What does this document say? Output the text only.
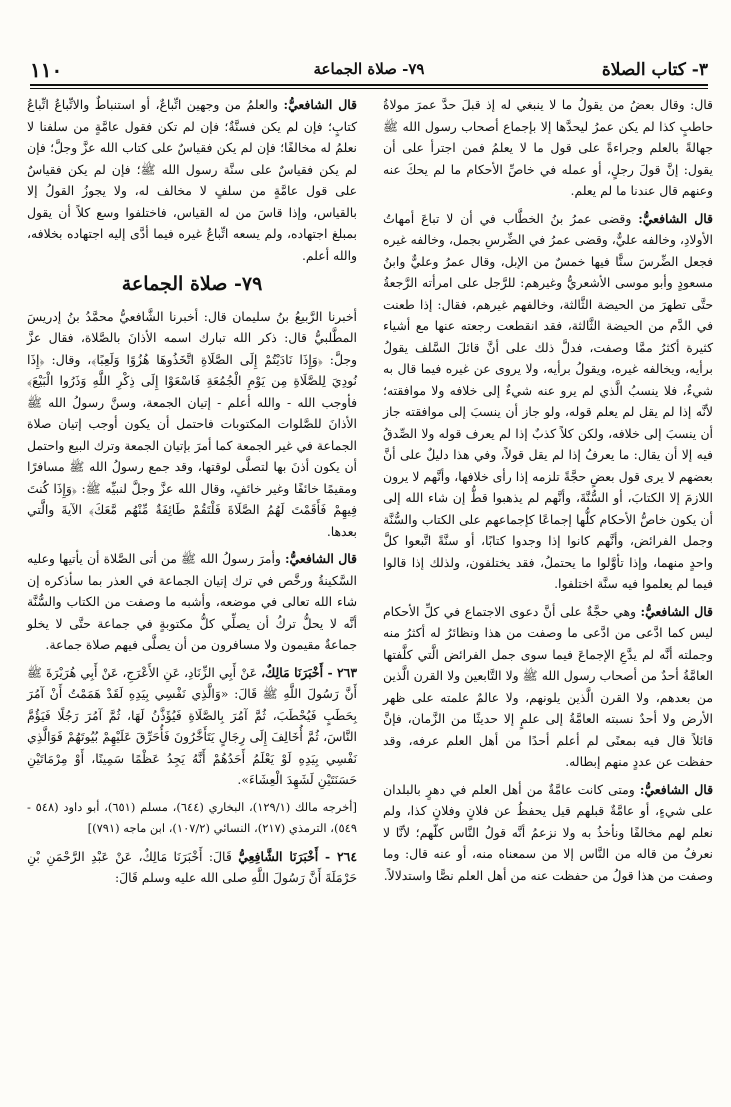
٣- كتاب الصلاة
٧٩- صلاة الجماعة
١١٠

قال: وقال بعضُ من يقولُ ما لا ينبغي له إذ قبلَ حدَّ عمرَ مولاةُ حاطبٍ كذا لم يكن عمرُ ليحدَّها إلا بإجماع أصحاب رسول الله ﷺ جهالةً بالعلم وجراءةً على قول ما لا يعلمُ فمن اجترأ على أن يقول: إنَّ قولَ رجلٍ، أو عمله في خاصِّ الأحكام ما لم يحكَ عنه وعنهم قال عندنا ما لم يعلم.

قال الشافعيُّ: وقضى عمرُ بنُ الخطَّاب في أن لا تباعَ أمهاتُ الأولادِ، وخالفه عليٌّ، وقضى عمرُ في الضِّرسِ بجمل، وخالفه غيره فجعل الضِّرسَ سنًّا فيها خمسٌ من الإبل، وقال عمرُ وعليٌّ وابنُ مسعودٍ وأبو موسى الأشعريُّ وغيرهم: للرَّجل على امرأته الرَّجعةُ حتَّى تطهرَ من الحيضة الثَّالثة، وخالفهم غيرهم، فقال: إذا طعنت في الدَّم من الحيضة الثَّالثة، فقد انقطعت رجعته عنها مع أشياء كثيرة أكثرُ ممَّا وصفت، فدلَّ ذلك على أنَّ قائلَ السَّلف يقولُ برأيه، ويخالفه غيره، ويقولُ برأيه، ولا يروى عن غيره فيما قال به شيءٌ، فلا ينسبُ الَّذي لم يرو عنه شيءٌ إلى خلافه ولا موافقته؛ لأنَّه إذا لم يقل لم يعلم قوله، ولو جاز أن ينسبَ إلى موافقته جاز أن ينسبَ إلى خلافه، ولكن كلاً كذبٌ إذا لم يعرف قوله ولا الصِّدقُ فيه إلا أن يقال: ما يعرفُ إذا لم يقل قولاً، وفي هذا دليلٌ على أنَّ بعضهم لا يرى قول بعضٍ حجَّةً تلزمه إذا رأى خلافها، وأنَّهم لا يرون اللازمَ إلا الكتابَ، أو السُّنَّةَ، وأنَّهم لم يذهبوا قطُّ إن شاء الله إلى أن يكون خاصُّ الأحكام كلُّها إجماعًا كإجماعهم على الكتاب والسُّنَّة وجمل الفرائض، وأنَّهم كانوا إذا وجدوا كتابًا، أو سنَّةً اتَّبعوا كلَّ واحدٍ منهما، وإذا تأوَّلوا ما يحتملُ، فقد يختلفون، ولذلك إذا قالوا فيما لم يعلموا فيه سنَّة اختلفوا.

قال الشافعيُّ: وهي حجَّةٌ على أنَّ دعوى الاجتماع في كلِّ الأحكام ليس كما ادَّعى من ادَّعى ما وصفت من هذا ونظائرُ له أكثرُ منه وجملته أنَّه لم يدَّعِ الإجماعَ فيما سوى جمل الفرائض الَّتي كلَّفتها العامَّةُ أحدٌ من أصحاب رسول الله ﷺ ولا التَّابعين ولا القرن الَّذين من بعدهم، ولا القرن الَّذين يلونهم، ولا عالمٌ علمته على ظهر الأرض ولا أحدٌ نسبته العامَّةُ إلى علمٍ إلا حديثًا من الزَّمان، فإنَّ قائلاً قال فيه بمعنًى لم أعلم أحدًا من أهل العلم عرفه، وقد حفظت عن عددٍ منهم إبطاله.

قال الشافعيُّ: ومتى كانت عامَّةٌ من أهل العلم في دهرٍ بالبلدان على شيءٍ، أو عامَّةٌ قبلهم قيل يحفظُ عن فلانٍ وفلانٍ كذا، ولم نعلم لهم مخالفًا ونأخذُ به ولا نزعمُ أنَّه قولُ النَّاس كلّهم؛ لأنَّا لا نعرفُ من قاله من النَّاس إلا من سمعناه منه، أو عنه قال: وما وصفت من هذا قولُ من حفظت عنه من أهل العلم نصًّا واستدلالاً.

قال الشافعيُّ: والعلمُ من وجهين اتِّباعٌ، أو استنباطٌ والاتِّباعُ اتِّباعُ كتابٍ؛ فإن لم يكن فسنَّةٌ؛ فإن لم تكن فقول عامَّةٍ من سلفنا لا نعلمُ له مخالفًا؛ فإن لم يكن فقياسٌ على كتاب الله عزَّ وجلَّ؛ فإن لم يكن فقياسٌ على سنَّة رسول الله ﷺ؛ فإن لم يكن فقياسٌ على قول عامَّةٍ من سلفٍ لا مخالف له، ولا يجوزُ القولُ إلا بالقياس، وإذا قاسَ من له القياس، فاختلفوا وسع كلاً أن يقول بمبلغ اجتهاده، ولم يسعه اتِّباعُ غيره فيما أدَّى إليه اجتهاده بخلافه، والله أعلم.

٧٩- صلاة الجماعة

أخبرنا الرَّبيعُ بنُ سليمان قال: أخبرنا الشَّافعيُّ محمَّدُ بنُ إدريسَ المطَّلبيُّ قال: ذكر الله تبارك اسمه الأذانَ بالصَّلاة، فقال عزَّ وجلَّ: ﴿وَإِذَا نَادَيْتُمْ إِلَى الصَّلَاةِ اتَّخَذُوهَا هُزُوًا وَلَعِبًا﴾، وقال: ﴿إِذَا نُودِيَ لِلصَّلَاةِ مِن يَوْمِ الْجُمُعَةِ فَاسْعَوْا إِلَى ذِكْرِ اللَّهِ وَذَرُوا الْبَيْعَ﴾ فأوجب الله - والله أعلم - إتيان الجمعة، وسنَّ رسولُ الله ﷺ الأذانَ للصَّلوات المكتوبات فاحتمل أن يكون أوجب إتيان صلاة الجماعة في غير الجمعة كما أمرَ بإتيان الجمعة وترك البيع واحتمل أن يكون أذنَ بها لتصلَّى لوقتها، وقد جمع رسولُ الله ﷺ مسافرًا ومقيمًا خائفًا وغير خائفٍ، وقال الله عزَّ وجلَّ لنبيِّه ﷺ: ﴿وَإِذَا كُنتَ فِيهِمْ فَأَقَمْتَ لَهُمُ الصَّلَاةَ فَلْتَقُمْ طَائِفَةٌ مِّنْهُم مَّعَكَ﴾ الآيةَ والَّتي بعدها.

قال الشافعيُّ: وأمرَ رسولُ الله ﷺ من أتى الصَّلاة أن يأتيها وعليه السَّكينةُ ورخَّص في ترك إتيان الجماعة في العذر بما سأذكره إن شاء الله تعالى في موضعه، وأشبه ما وصفت من الكتاب والسُّنَّة أنَّه لا يحلُّ تركُ أن يصلِّي كلُّ مكتوبةٍ في جماعة حتَّى لا يخلو جماعةٌ مقيمون ولا مسافرون من أن يصلَّى فيهم صلاة جماعة.

٢٦٣ - أَخْبَرَنَا مَالِكٌ، عَنْ أَبِي الزِّنَادِ، عَنِ الأَعْرَجِ، عَنْ أَبِي هُرَيْرَةَ ﷺ أَنَّ رَسُولَ اللَّهِ ﷺ قَالَ: «وَالَّذِي نَفْسِي بِيَدِهِ لَقَدْ هَمَمْتُ أَنْ آمُرَ بِحَطَبٍ فَيُحْطَبَ، ثُمَّ آمُرَ بِالصَّلَاةِ فَيُؤَذَّنُ لَهَا، ثُمَّ آمُرَ رَجُلًا فَيَؤُمَّ النَّاسَ، ثُمَّ أُخَالِفَ إِلَى رِجَالٍ يَتَأَخَّرُونَ فَأُحَرِّقَ عَلَيْهِمْ بُيُوتَهُمْ فَوَالَّذِي نَفْسِي بِيَدِهِ لَوْ يَعْلَمُ أَحَدُهُمْ أَنَّهُ يَجِدُ عَظْمًا سَمِينًا، أَوْ مِرْمَاتَيْنِ حَسَنَتَيْنِ لَشَهِدَ الْعِشَاءَ».

[أخرجه مالك (١٢٩/١)، البخاري (٦٤٤)، مسلم (٦٥١)، أبو داود (٥٤٨ - ٥٤٩)، الترمذي (٢١٧)، النسائي (١٠٧/٢)، ابن ماجه (٧٩١)]

٢٦٤ - أَخْبَرَنَا الشَّافِعِيُّ قَالَ: أَخْبَرَنَا مَالِكٌ، عَنْ عَبْدِ الرَّحْمَنِ بْنِ حَرْمَلَةَ أَنَّ رَسُولَ اللَّهِ صلى الله عليه وسلم قَالَ:
